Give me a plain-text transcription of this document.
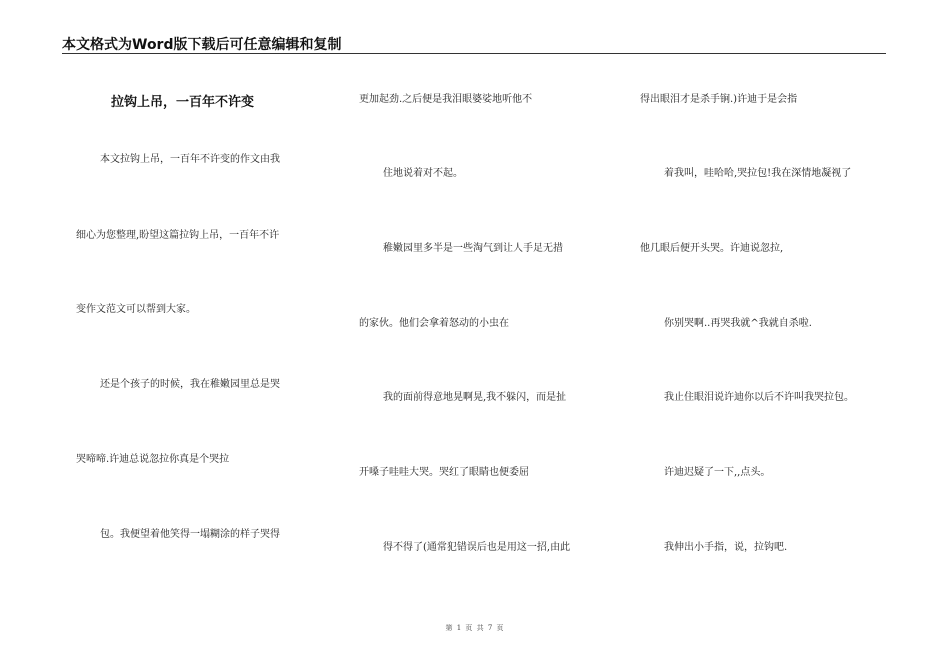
本文格式为Word版下载后可任意编辑和复制
拉钩上吊，一百年不许变
本文拉钩上吊，一百年不许变的作文由我
细心为您整理,盼望这篇拉钩上吊，一百年不许
变作文范文可以帮到大家。
还是个孩子的时候，我在稚嫩园里总是哭
哭啼啼.许迪总说忽拉你真是个哭拉
包。我便望着他笑得一塌糊涂的样子哭得
更加起劲.之后便是我泪眼婆娑地听他不
住地说着对不起。
稚嫩园里多半是一些淘气到让人手足无措
的家伙。他们会拿着怒动的小虫在
我的面前得意地晃啊晃,我不躲闪，而是扯
开嗓子哇哇大哭。哭红了眼睛也便委屈
得不得了(通常犯错误后也是用这一招,由此
得出眼泪才是杀手锏.)许迪于是会指
着我叫，哇哈哈,哭拉包!我在深情地凝视了
他几眼后便开头哭。许迪说忽拉,
你别哭啊..再哭我就^我就自杀啦.
我止住眼泪说许迪你以后不许叫我哭拉包。
许迪迟疑了一下,,点头。
我伸出小手指，说，拉钩吧.
第 1 页 共 7 页
